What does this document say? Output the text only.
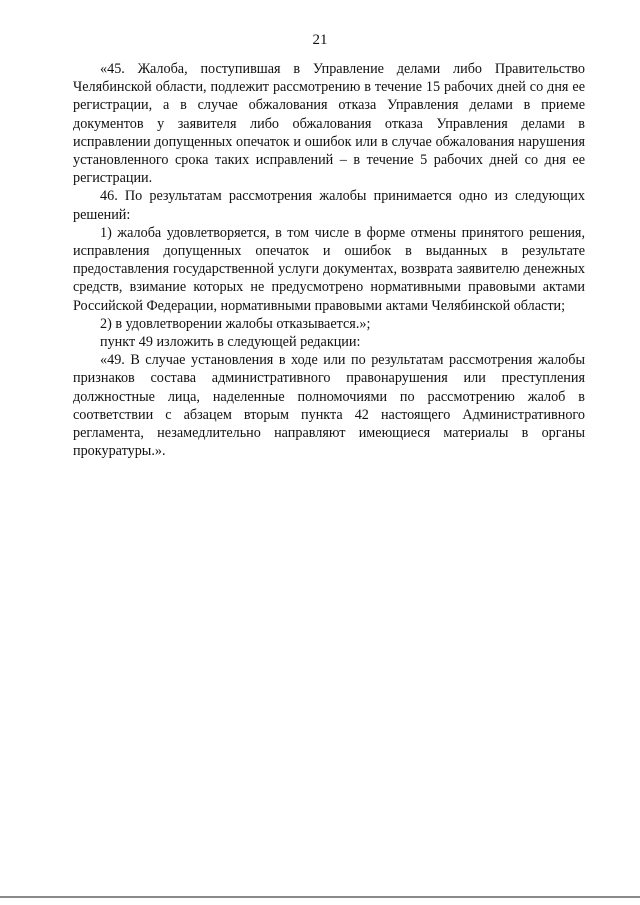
21

«45. Жалоба, поступившая в Управление делами либо Правительство Челябинской области, подлежит рассмотрению в течение 15 рабочих дней со дня ее регистрации, а в случае обжалования отказа Управления делами в приеме документов у заявителя либо обжалования отказа Управления делами в исправлении допущенных опечаток и ошибок или в случае обжалования нарушения установленного срока таких исправлений – в течение 5 рабочих дней со дня ее регистрации.

46. По результатам рассмотрения жалобы принимается одно из следующих решений:

1) жалоба удовлетворяется, в том числе в форме отмены принятого решения, исправления допущенных опечаток и ошибок в выданных в результате предоставления государственной услуги документах, возврата заявителю денежных средств, взимание которых не предусмотрено нормативными правовыми актами Российской Федерации, нормативными правовыми актами Челябинской области;

2) в удовлетворении жалобы отказывается.»;

пункт 49 изложить в следующей редакции:

«49. В случае установления в ходе или по результатам рассмотрения жалобы признаков состава административного правонарушения или преступления должностные лица, наделенные полномочиями по рассмотрению жалоб в соответствии с абзацем вторым пункта 42 настоящего Административного регламента, незамедлительно направляют имеющиеся материалы в органы прокуратуры.».
